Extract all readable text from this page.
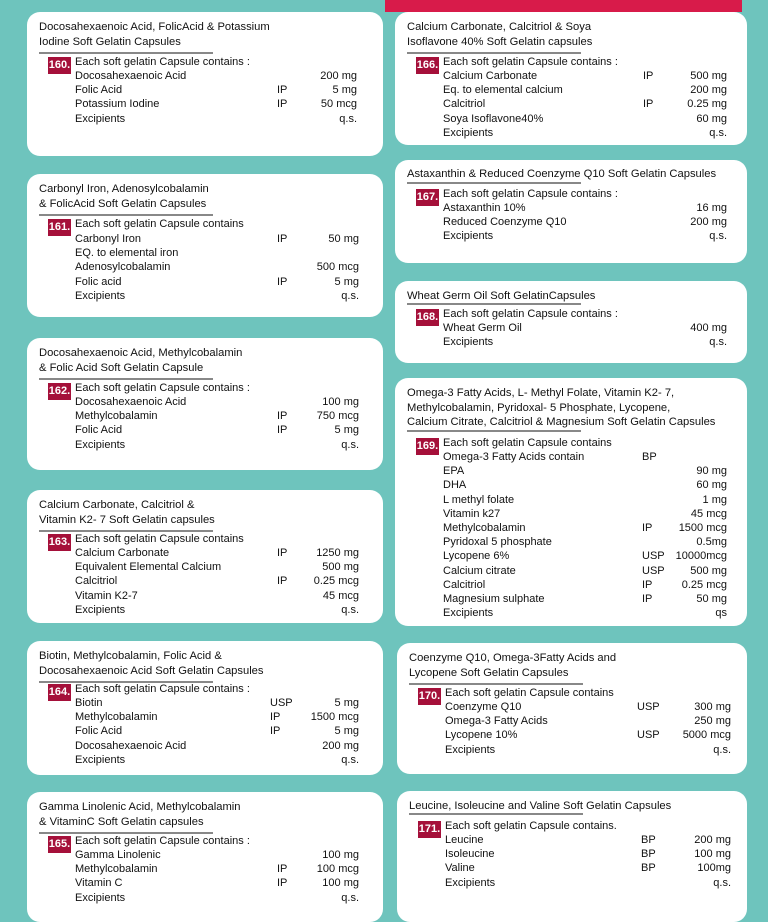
Docosahexaenoic Acid, FolicAcid & Potassium
Iodine Soft Gelatin Capsules
160. Each soft gelatin Capsule contains :
Docosahexaenoic Acid	200 mg
Folic Acid	IP	5 mg
Potassium Iodine	IP	50 mcg
Excipients	q.s.
Carbonyl Iron, Adenosylcobalamin
& FolicAcid Soft Gelatin Capsules
161. Each soft gelatin Capsule contains
Carbonyl Iron	IP	50 mg
EQ. to elemental iron
Adenosylcobalamin	500 mcg
Folic acid	IP	5 mg
Excipients	q.s.
Docosahexaenoic Acid, Methylcobalamin
& Folic Acid Soft Gelatin Capsule
162. Each soft gelatin Capsule contains :
Docosahexaenoic Acid	100 mg
Methylcobalamin	IP	750 mcg
Folic Acid	IP	5 mg
Excipients	q.s.
Calcium Carbonate, Calcitriol &
Vitamin K2- 7 Soft Gelatin capsules
163. Each soft gelatin Capsule contains
Calcium Carbonate	IP	1250 mg
Equivalent Elemental Calcium	500 mg
Calcitriol	IP 0.25 mcg
Vitamin K2-7	45 mcg
Excipients	q.s.
Biotin, Methylcobalamin, Folic Acid &
Docosahexaenoic Acid Soft Gelatin Capsules
164. Each soft gelatin Capsule contains :
Biotin	USP	5 mg
Methylcobalamin	IP	1500 mcg
Folic Acid	IP	5 mg
Docosahexaenoic Acid	200 mg
Excipients	q.s.
Gamma Linolenic Acid, Methylcobalamin
& VitaminC Soft Gelatin capsules
165. Each soft gelatin Capsule contains :
Gamma Linolenic	100 mg
Methylcobalamin	IP	100 mcg
Vitamin C	IP	100 mg
Excipients	q.s.
Calcium Carbonate, Calcitriol & Soya
Isoflavone 40% Soft Gelatin capsules
166. Each soft gelatin Capsule contains :
Calcium Carbonate	IP	500 mg
Eq. to elemental calcium	200 mg
Calcitriol	IP	0.25 mg
Soya Isoflavone40%	60 mg
Excipients	q.s.
Astaxanthin & Reduced Coenzyme Q10 Soft Gelatin Capsules
167. Each soft gelatin Capsule contains :
Astaxanthin 10%	16 mg
Reduced Coenzyme Q10	200 mg
Excipients	q.s.
Wheat Germ Oil Soft GelatinCapsules
168. Each soft gelatin Capsule contains :
Wheat Germ Oil	400 mg
Excipients	q.s.
Omega-3 Fatty Acids, L- Methyl Folate, Vitamin K2- 7,
Methylcobalamin, Pyridoxal- 5 Phosphate, Lycopene,
Calcium Citrate, Calcitriol & Magnesium Soft Gelatin Capsules
169. Each soft gelatin Capsule contains
Omega-3 Fatty Acids contain	BP
EPA	90 mg
DHA	60 mg
L methyl folate	1 mg
Vitamin k27	45 mcg
Methylcobalamin	IP 1500 mcg
Pyridoxal 5 phosphate	0.5mg
Lycopene 6%	USP 10000mcg
Calcium citrate	USP 500 mg
Calcitriol	IP	0.25 mcg
Magnesium sulphate	IP	50 mg
Excipients	qs
Coenzyme Q10, Omega-3Fatty Acids and
Lycopene Soft Gelatin Capsules
170. Each soft gelatin Capsule contains
Coenzyme Q10	USP	300 mg
Omega-3 Fatty Acids	250 mg
Lycopene 10%	USP 5000 mcg
Excipients	q.s.
Leucine, Isoleucine and Valine Soft Gelatin Capsules
171. Each soft gelatin Capsule contains.
Leucine	BP	200 mg
Isoleucine	BP	100 mg
Valine	BP	100mg
Excipients	q.s.
